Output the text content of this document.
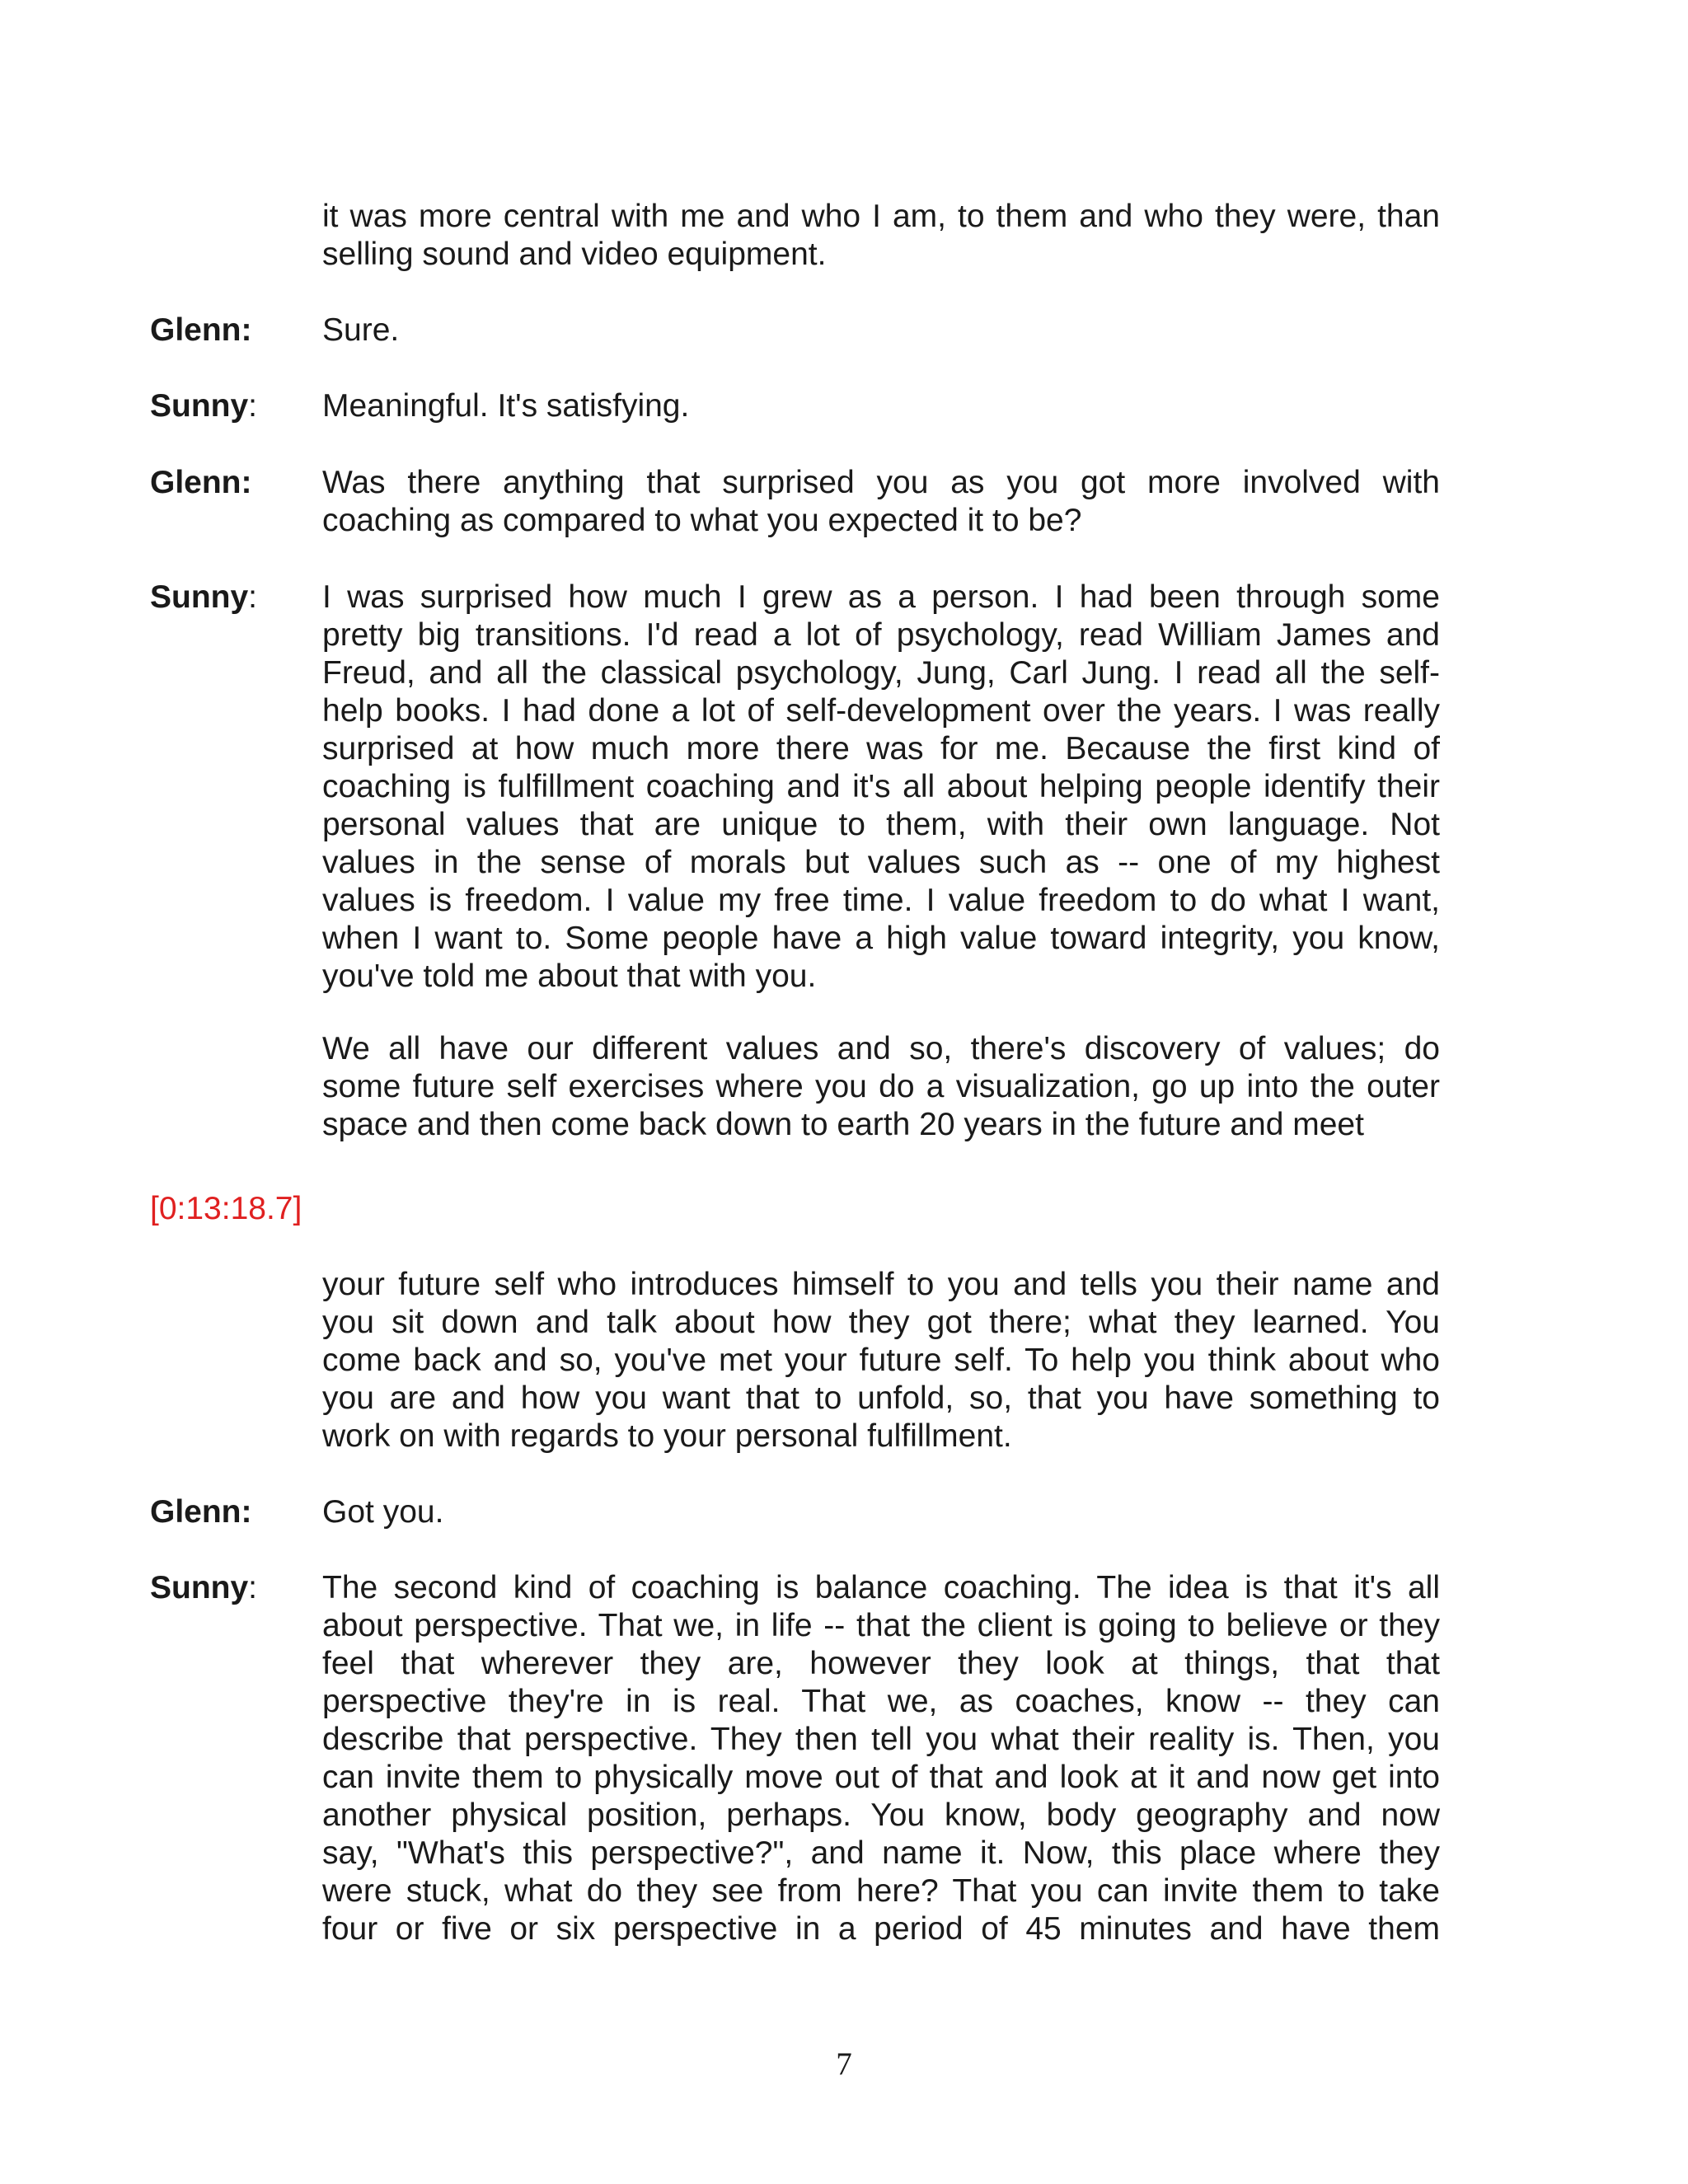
it was more central with me and who I am, to them and who they were, than
selling sound and video equipment.
Glenn: Sure.
Sunny: Meaningful. It's satisfying.
Glenn: Was there anything that surprised you as you got more involved with
coaching as compared to what you expected it to be?
Sunny: I was surprised how much I grew as a person. I had been through some
pretty big transitions. I'd read a lot of psychology, read William James and
Freud, and all the classical psychology, Jung, Carl Jung. I read all the self-
help books. I had done a lot of self-development over the years. I was really
surprised at how much more there was for me. Because the first kind of
coaching is fulfillment coaching and it's all about helping people identify their
personal values that are unique to them, with their own language. Not
values in the sense of morals but values such as -- one of my highest
values is freedom. I value my free time. I value freedom to do what I want,
when I want to. Some people have a high value toward integrity, you know,
you've told me about that with you.
We all have our different values and so, there's discovery of values; do
some future self exercises where you do a visualization, go up into the outer
space and then come back down to earth 20 years in the future and meet
[0:13:18.7]
your future self who introduces himself to you and tells you their name and
you sit down and talk about how they got there; what they learned. You
come back and so, you've met your future self. To help you think about who
you are and how you want that to unfold, so, that you have something to
work on with regards to your personal fulfillment.
Glenn: Got you.
Sunny: The second kind of coaching is balance coaching. The idea is that it's all
about perspective. That we, in life -- that the client is going to believe or they
feel that wherever they are, however they look at things, that that
perspective they're in is real. That we, as coaches, know -- they can
describe that perspective. They then tell you what their reality is. Then, you
can invite them to physically move out of that and look at it and now get into
another physical position, perhaps. You know, body geography and now
say, "What's this perspective?", and name it. Now, this place where they
were stuck, what do they see from here? That you can invite them to take
four or five or six perspective in a period of 45 minutes and have them
7
